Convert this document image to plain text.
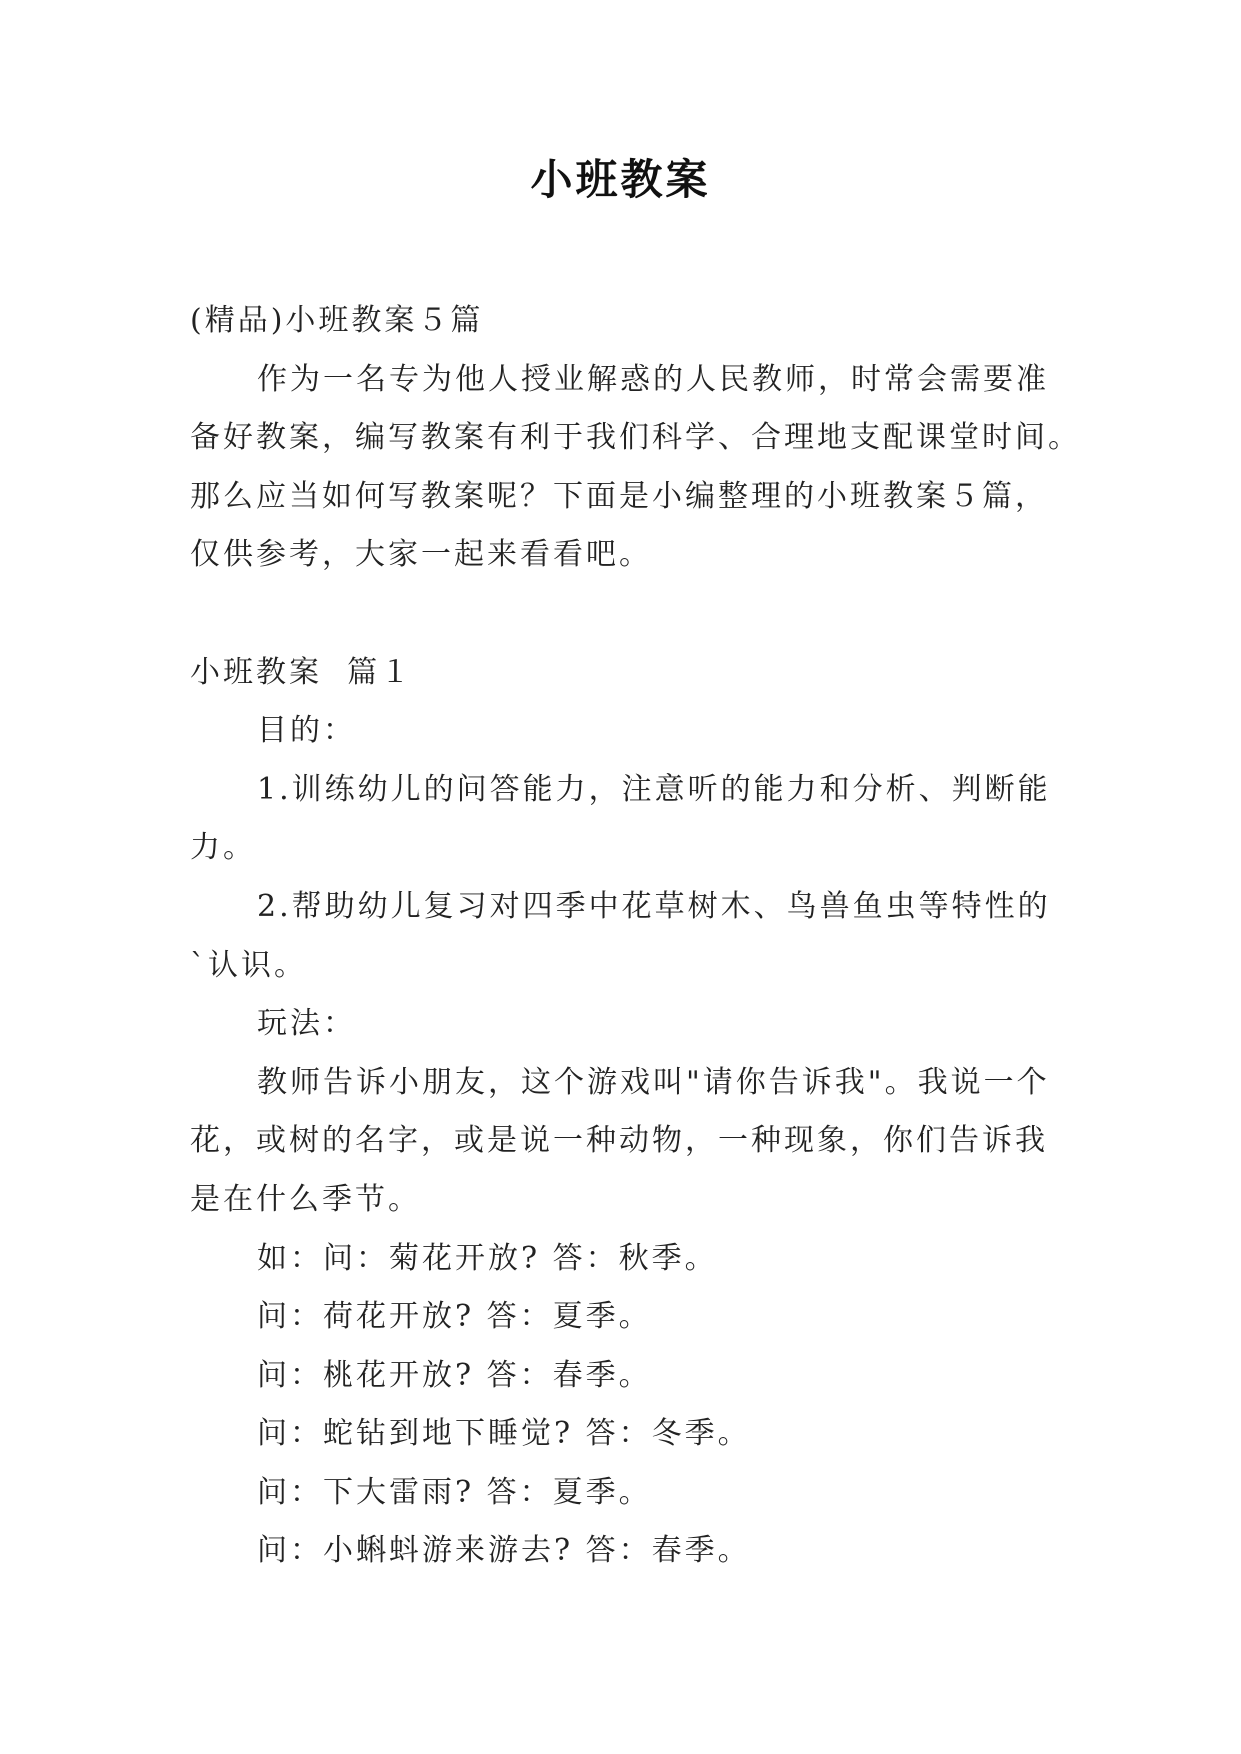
小班教案
(精品)小班教案５篇
作为一名专为他人授业解惑的人民教师，时常会需要准
备好教案，编写教案有利于我们科学、合理地支配课堂时间。
那么应当如何写教案呢？下面是小编整理的小班教案５篇，
仅供参考，大家一起来看看吧。
小班教案  篇１
目的：
1.训练幼儿的问答能力，注意听的能力和分析、判断能
力。
2.帮助幼儿复习对四季中花草树木、鸟兽鱼虫等特性的
`认识。
玩法：
教师告诉小朋友，这个游戏叫"请你告诉我"。我说一个
花，或树的名字，或是说一种动物，一种现象，你们告诉我
是在什么季节。
如：问：菊花开放? 答：秋季。
问：荷花开放? 答：夏季。
问：桃花开放? 答：春季。
问：蛇钻到地下睡觉? 答：冬季。
问：下大雷雨? 答：夏季。
问：小蝌蚪游来游去? 答：春季。
